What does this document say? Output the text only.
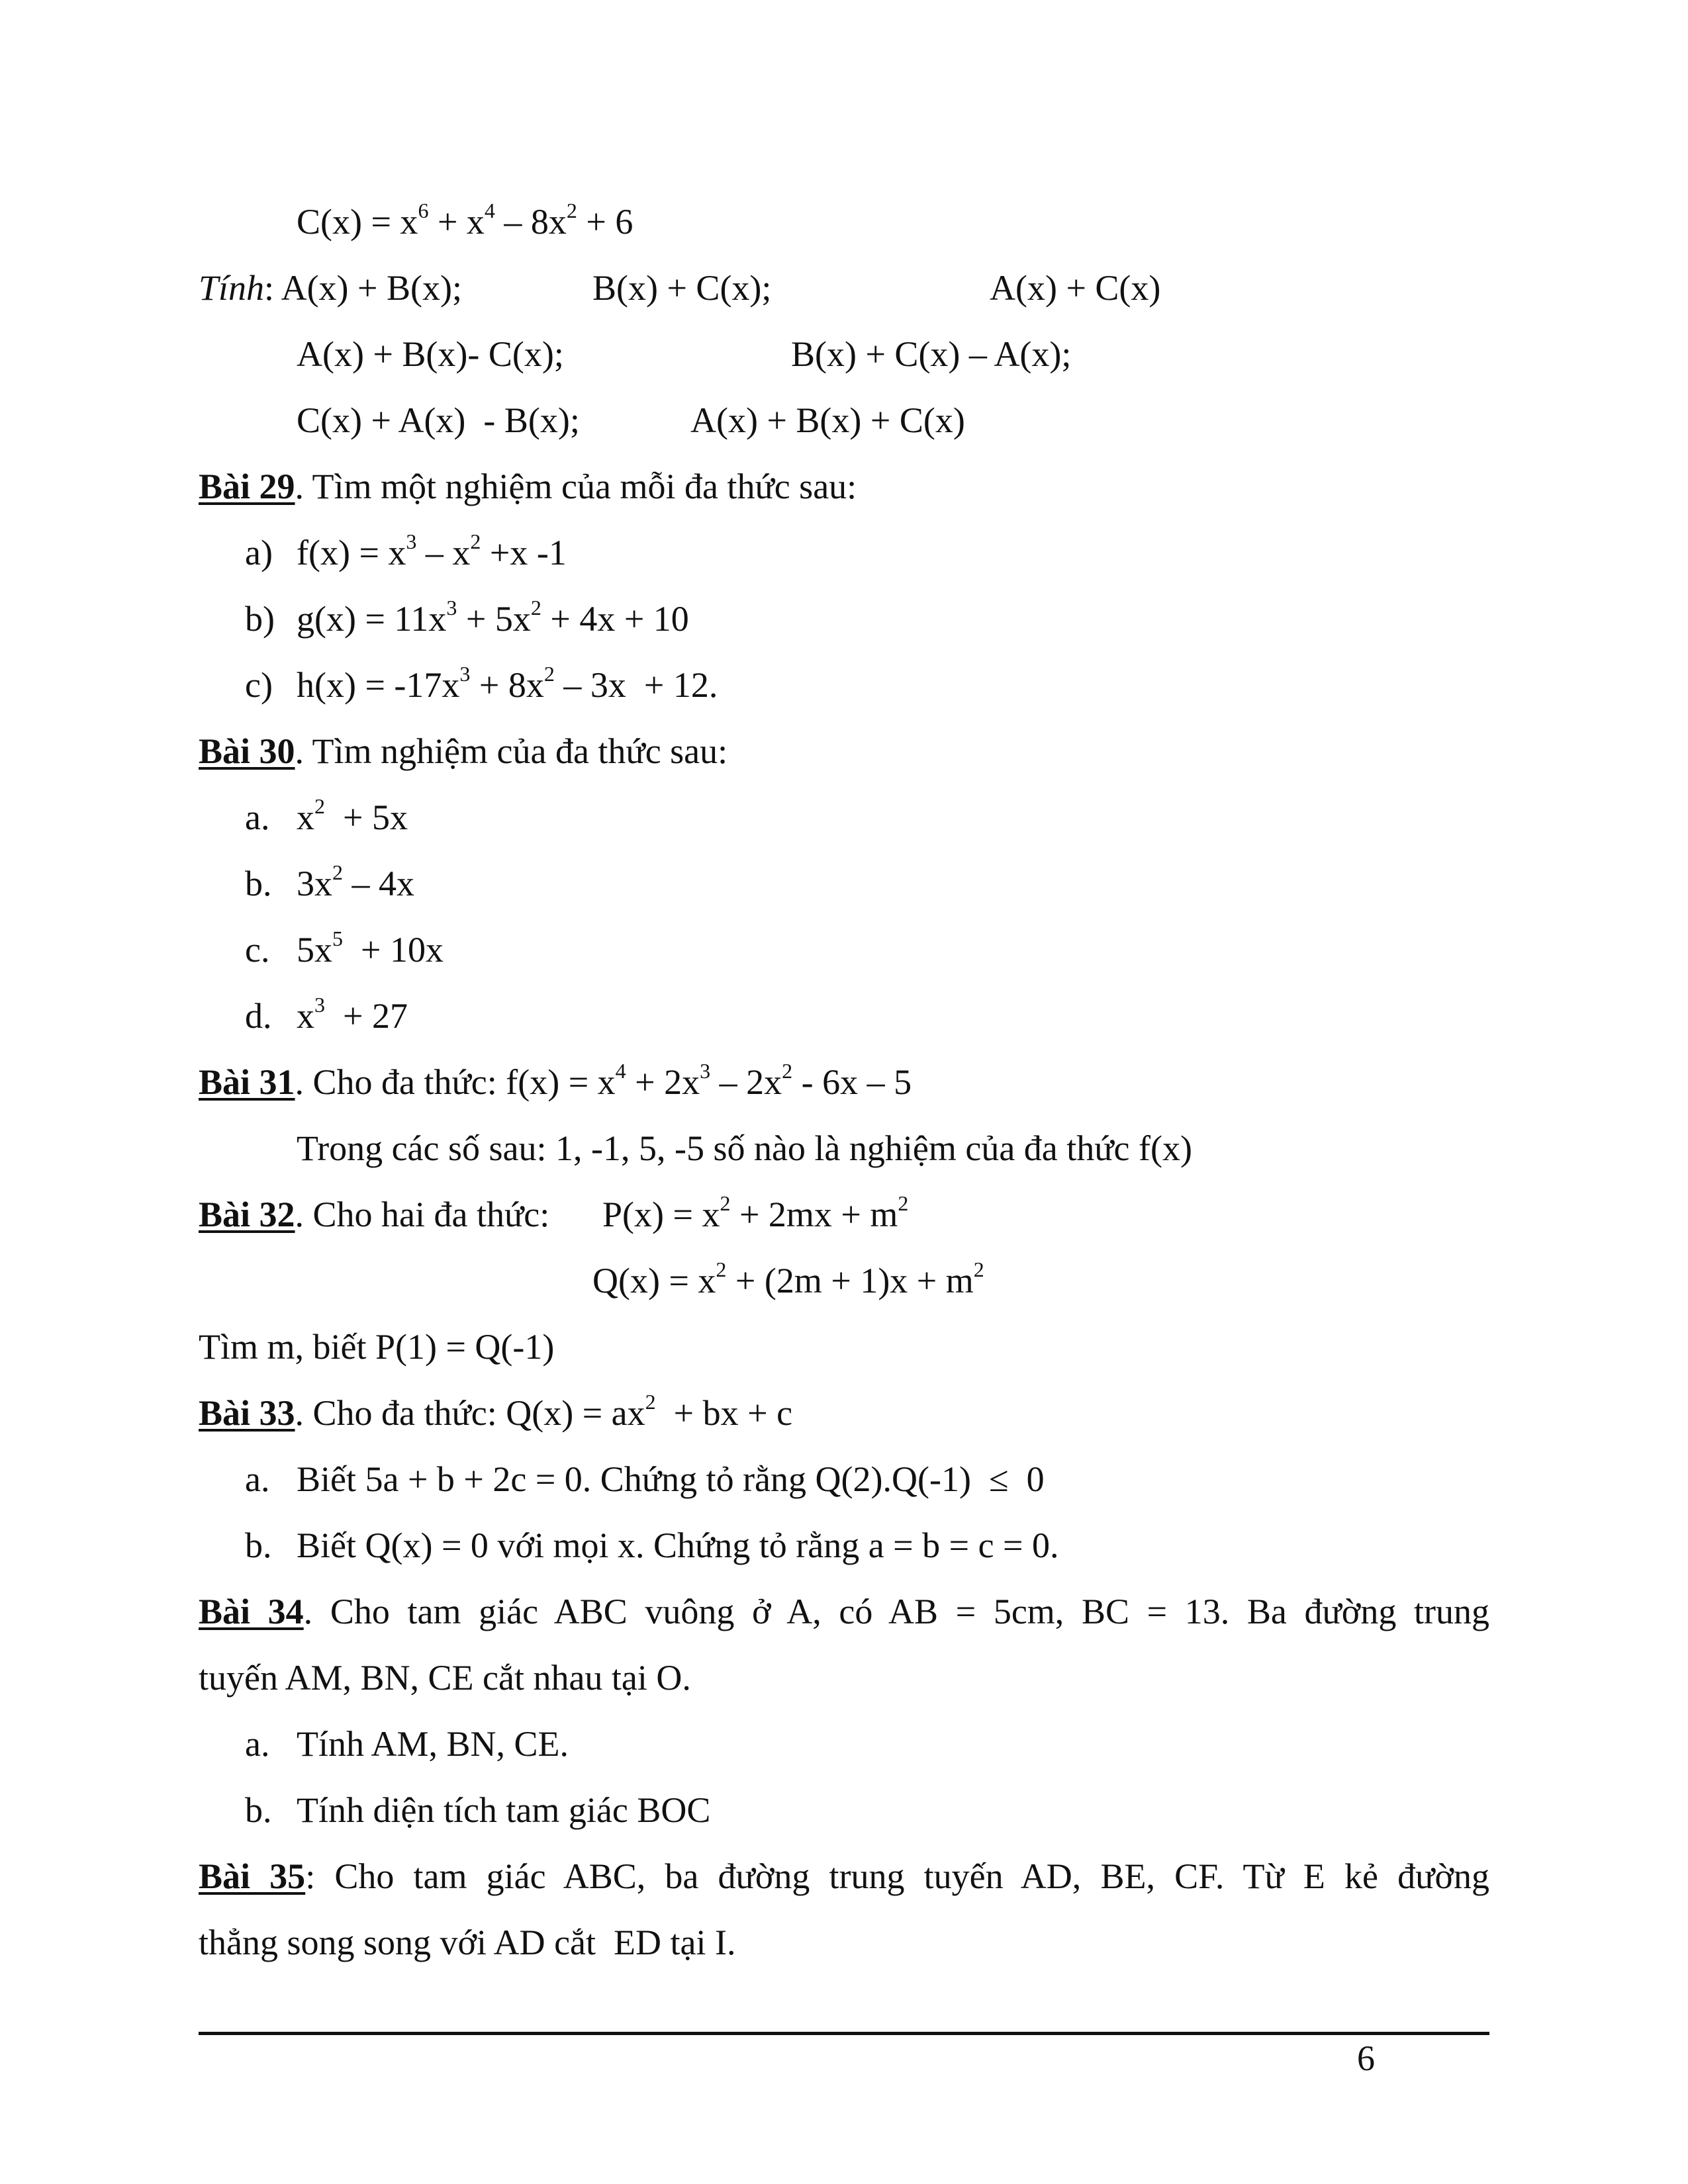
$C(x) = x^6 + x^4 - 8x^2 + 6$
Tính: A(x) + B(x);	B(x) + C(x);	A(x) + C(x)
A(x) + B(x)- C(x);	B(x) + C(x) – A(x);
C(x) + A(x)  - B(x);	A(x) + B(x) + C(x)
Bài 29. Tìm một nghiệm của mỗi đa thức sau:
a) $f(x) = x^3 - x^2 +x$ -1
b) $g(x) = 11x^3 + 5x^2 + 4x + 10$
c) $h(x) = -17x^3 + 8x^2 - 3x + 12$.
Bài 30. Tìm nghiệm của đa thức sau:
a. $x^2 + 5x$
b. $3x^2 - 4x$
c. $5x^5 + 10x$
d. $x^3 + 27$
Bài 31. Cho đa thức: $f(x) = x^4 + 2x^3 - 2x^2 - 6x - 5$
Trong các số sau: 1, -1, 5, -5 số nào là nghiệm của đa thức f(x)
Bài 32. Cho hai đa thức: $P(x) = x^2 + 2mx + m^2$
$Q(x) = x^2 + (2m + 1)x + m^2$
Tìm m, biết P(1) = Q(-1)
Bài 33. Cho đa thức: $Q(x) = ax^2$  + bx + c
a. Biết 5a + b + 2c = 0. Chứng tỏ rằng Q(2).Q(-1)  ≤  0
b. Biết Q(x) = 0 với mọi x. Chứng tỏ rằng a = b = c = 0.
Bài 34. Cho tam giác ABC vuông ở A, có AB = 5cm, BC = 13. Ba đường trung
tuyến AM, BN, CE cắt nhau tại O.
a. Tính AM, BN, CE.
b. Tính diện tích tam giác BOC
Bài 35: Cho tam giác ABC, ba đường trung tuyến AD, BE, CF. Từ E kẻ đường
thẳng song song với AD cắt  ED tại I.
6
